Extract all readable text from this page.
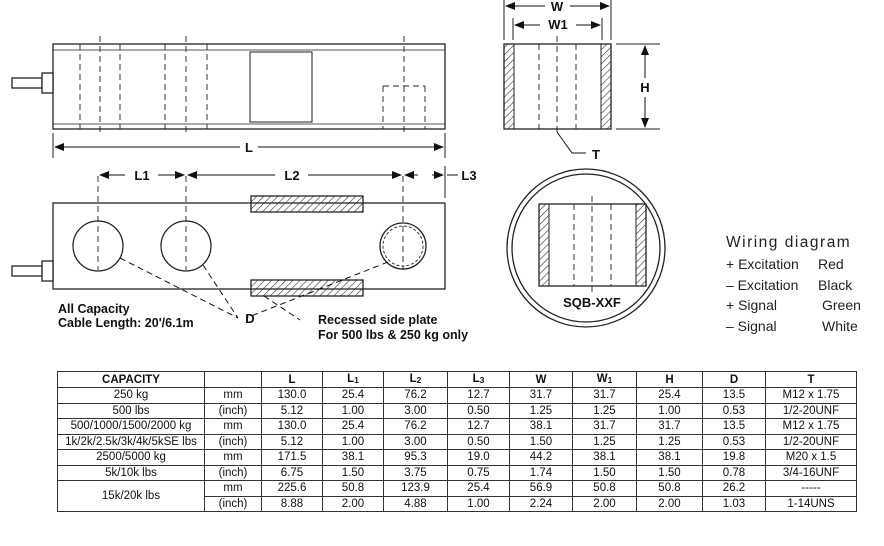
L
L1	L2	L3
D
All Capacity
Cable Length: 20'/6.1m	Recessed side plate
For 500 lbs & 250 kg only
W
W1
H
T
SQB-XXF
Wiring diagram
+ Excitation	Red
– Excitation	Black
+ Signal	Green
– Signal	White
CAPACITY		L	$L_1$	$L_2$	$L_3$	W	$W_1$	H	D	T
250 kg	mm	130.0	25.4	76.2	12.7	31.7	31.7	25.4	13.5	M12 x 1.75
500 lbs	(inch)	5.12	1.00	3.00	0.50	1.25	1.25	1.00	0.53	1/2-20UNF
500/1000/1500/2000 kg	mm	130.0	25.4	76.2	12.7	38.1	31.7	31.7	13.5	M12 x 1.75
1k/2k/2.5k/3k/4k/5kSE lbs	(inch)	5.12	1.00	3.00	0.50	1.50	1.25	1.25	0.53	1/2-20UNF
2500/5000 kg	mm	171.5	38.1	95.3	19.0	44.2	38.1	38.1	19.8	M20 x 1.5
5k/10k lbs	(inch)	6.75	1.50	3.75	0.75	1.74	1.50	1.50	0.78	3/4-16UNF
15k/20k lbs	mm	225.6	50.8	123.9	25.4	56.9	50.8	50.8	26.2	-----
	(inch)	8.88	2.00	4.88	1.00	2.24	2.00	2.00	1.03	1-14UNS
